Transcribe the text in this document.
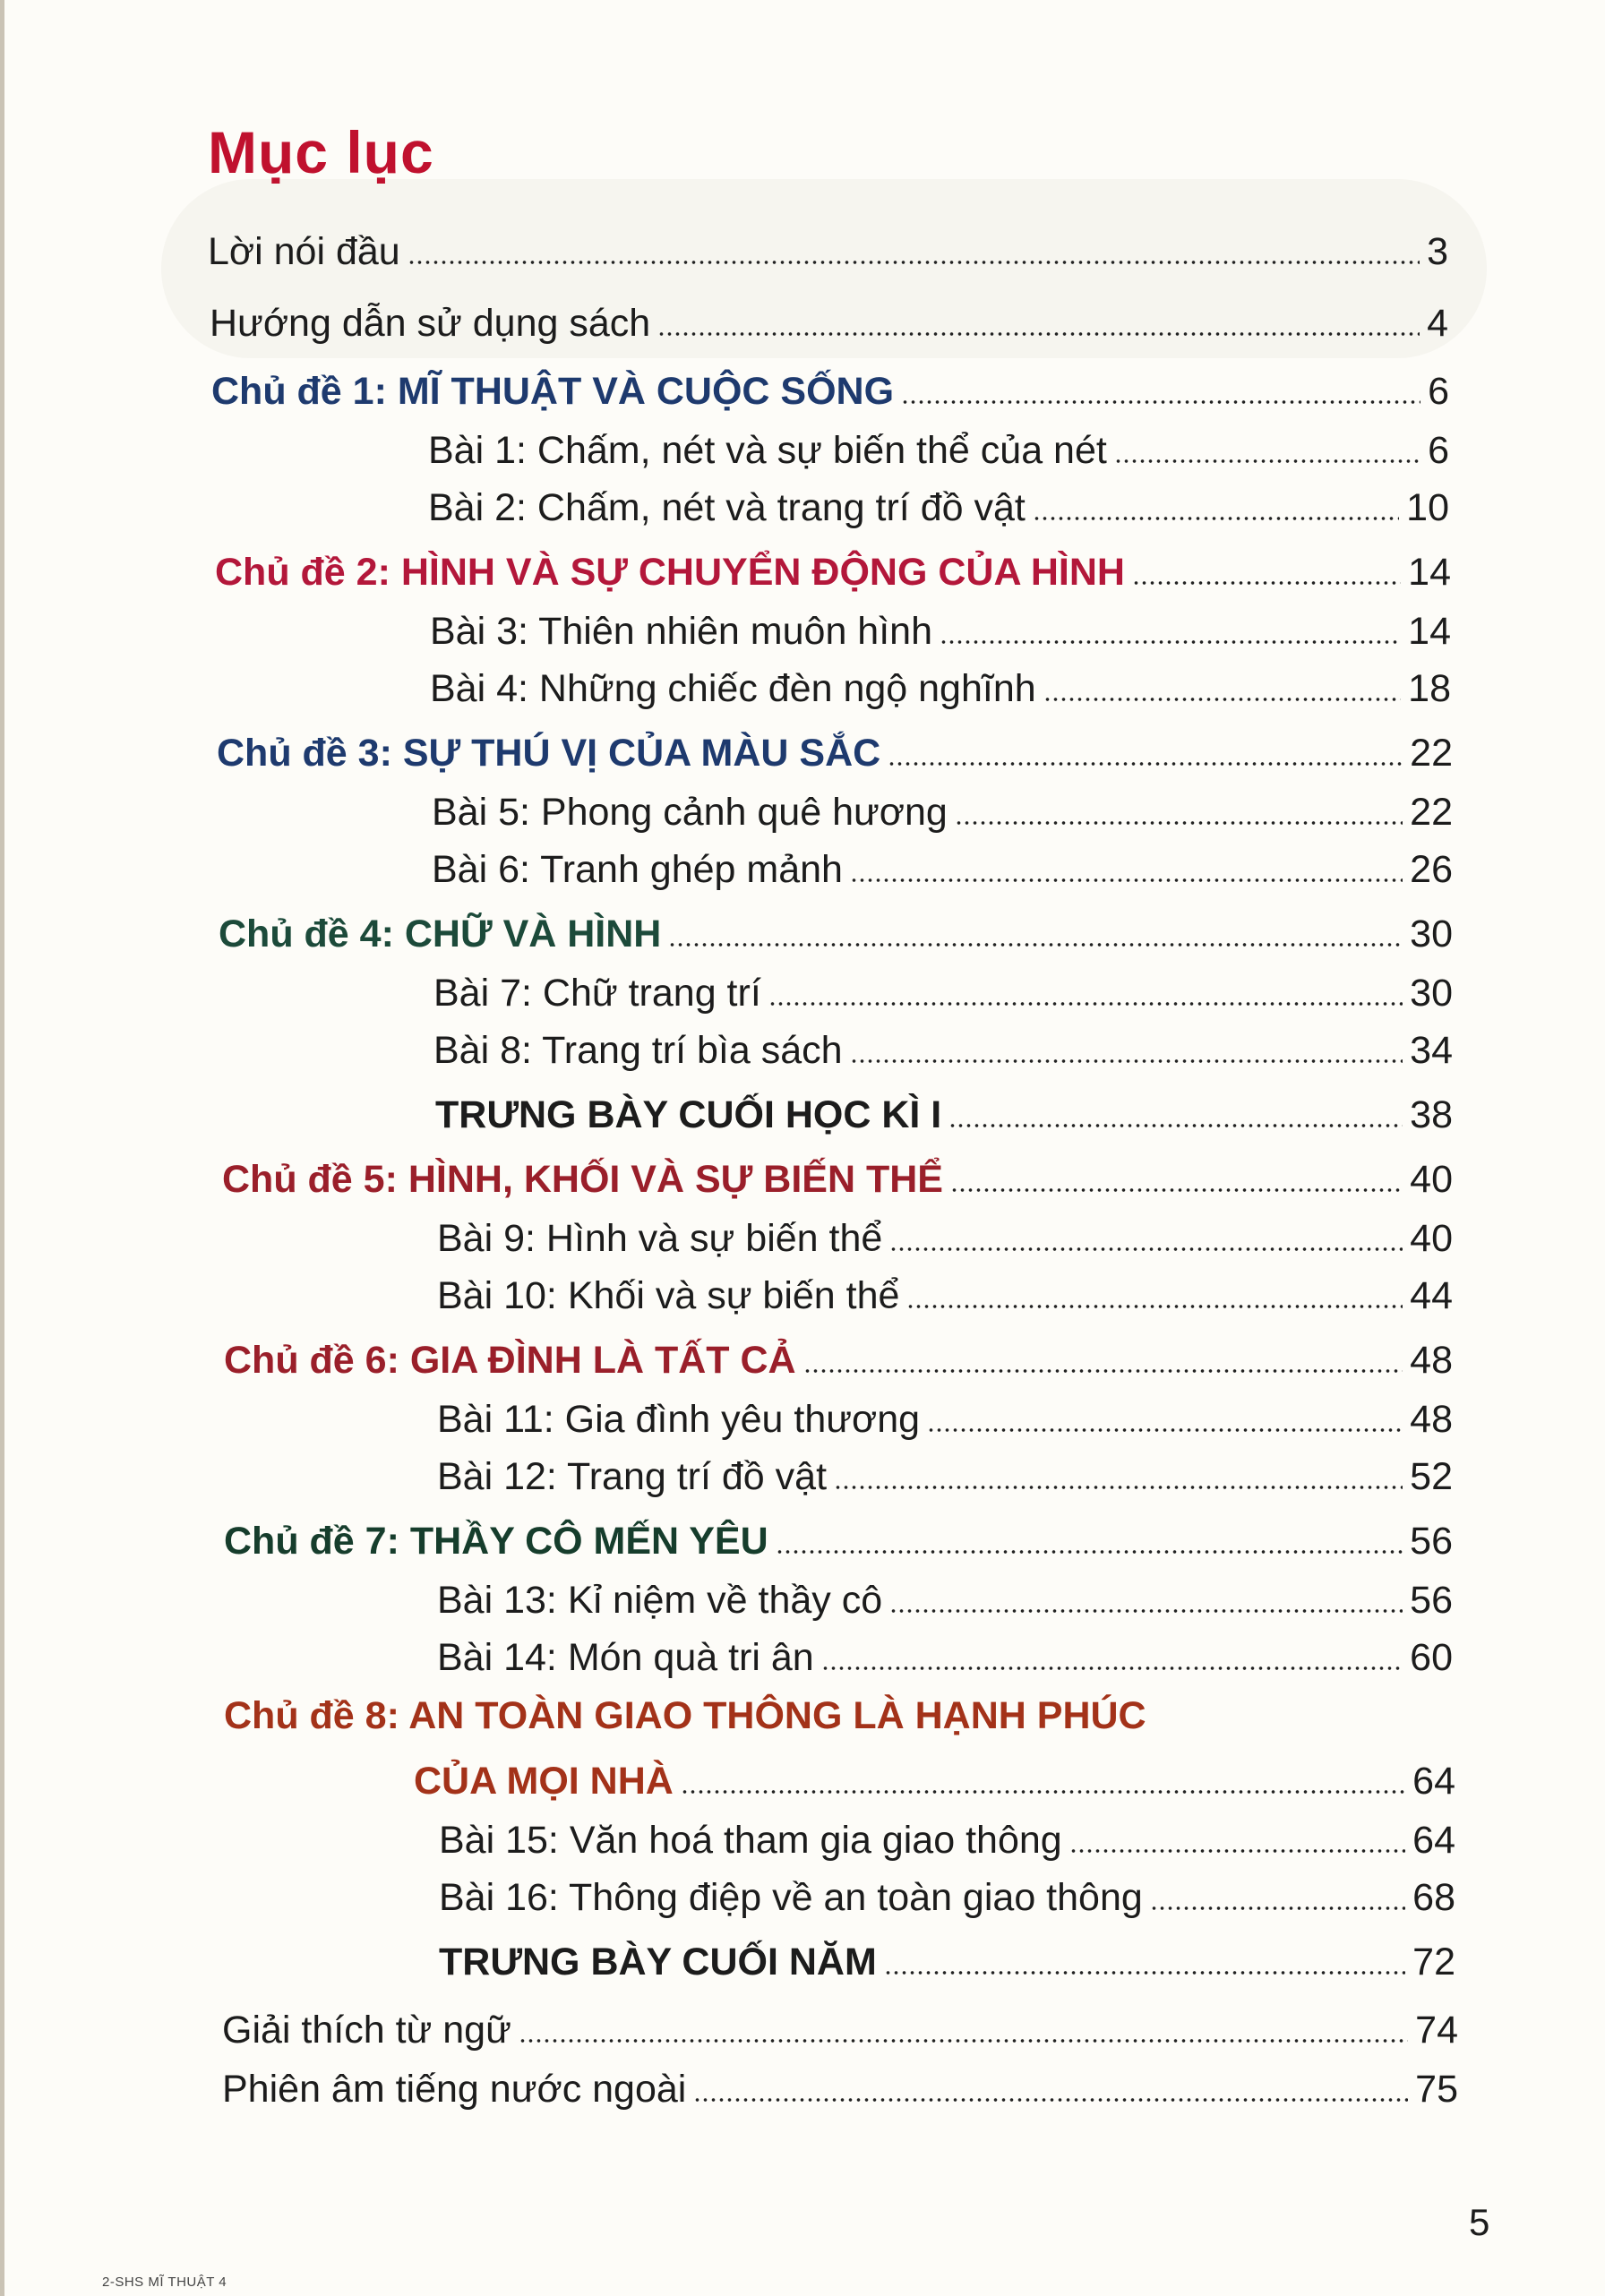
Mục lục
Lời nói đầu	3
Hướng dẫn sử dụng sách	4
Chủ đề 1: MĨ THUẬT VÀ CUỘC SỐNG	6
Bài 1: Chấm, nét và sự biến thể của nét	6
Bài 2: Chấm, nét và trang trí đồ vật	10
Chủ đề 2: HÌNH VÀ SỰ CHUYỂN ĐỘNG CỦA HÌNH	14
Bài 3: Thiên nhiên muôn hình	14
Bài 4: Những chiếc đèn ngộ nghĩnh	18
Chủ đề 3: SỰ THÚ VỊ CỦA MÀU SẮC	22
Bài 5: Phong cảnh quê hương	22
Bài 6: Tranh ghép mảnh	26
Chủ đề 4: CHỮ VÀ HÌNH	30
Bài 7: Chữ trang trí	30
Bài 8: Trang trí bìa sách	34
TRƯNG BÀY CUỐI HỌC KÌ I	38
Chủ đề 5: HÌNH, KHỐI VÀ SỰ BIẾN THỂ	40
Bài 9: Hình và sự biến thể	40
Bài 10: Khối và sự biến thể	44
Chủ đề 6: GIA ĐÌNH LÀ TẤT CẢ	48
Bài 11: Gia đình yêu thương	48
Bài 12: Trang trí đồ vật	52
Chủ đề 7: THẦY CÔ MẾN YÊU	56
Bài 13: Kỉ niệm về thầy cô	56
Bài 14: Món quà tri ân	60
Chủ đề 8: AN TOÀN GIAO THÔNG LÀ HẠNH PHÚC
CỦA MỌI NHÀ	64
Bài 15: Văn hoá tham gia giao thông	64
Bài 16: Thông điệp về an toàn giao thông	68
TRƯNG BÀY CUỐI NĂM	72
Giải thích từ ngữ	74
Phiên âm tiếng nước ngoài	75
5
2-SHS MĨ THUẬT 4
